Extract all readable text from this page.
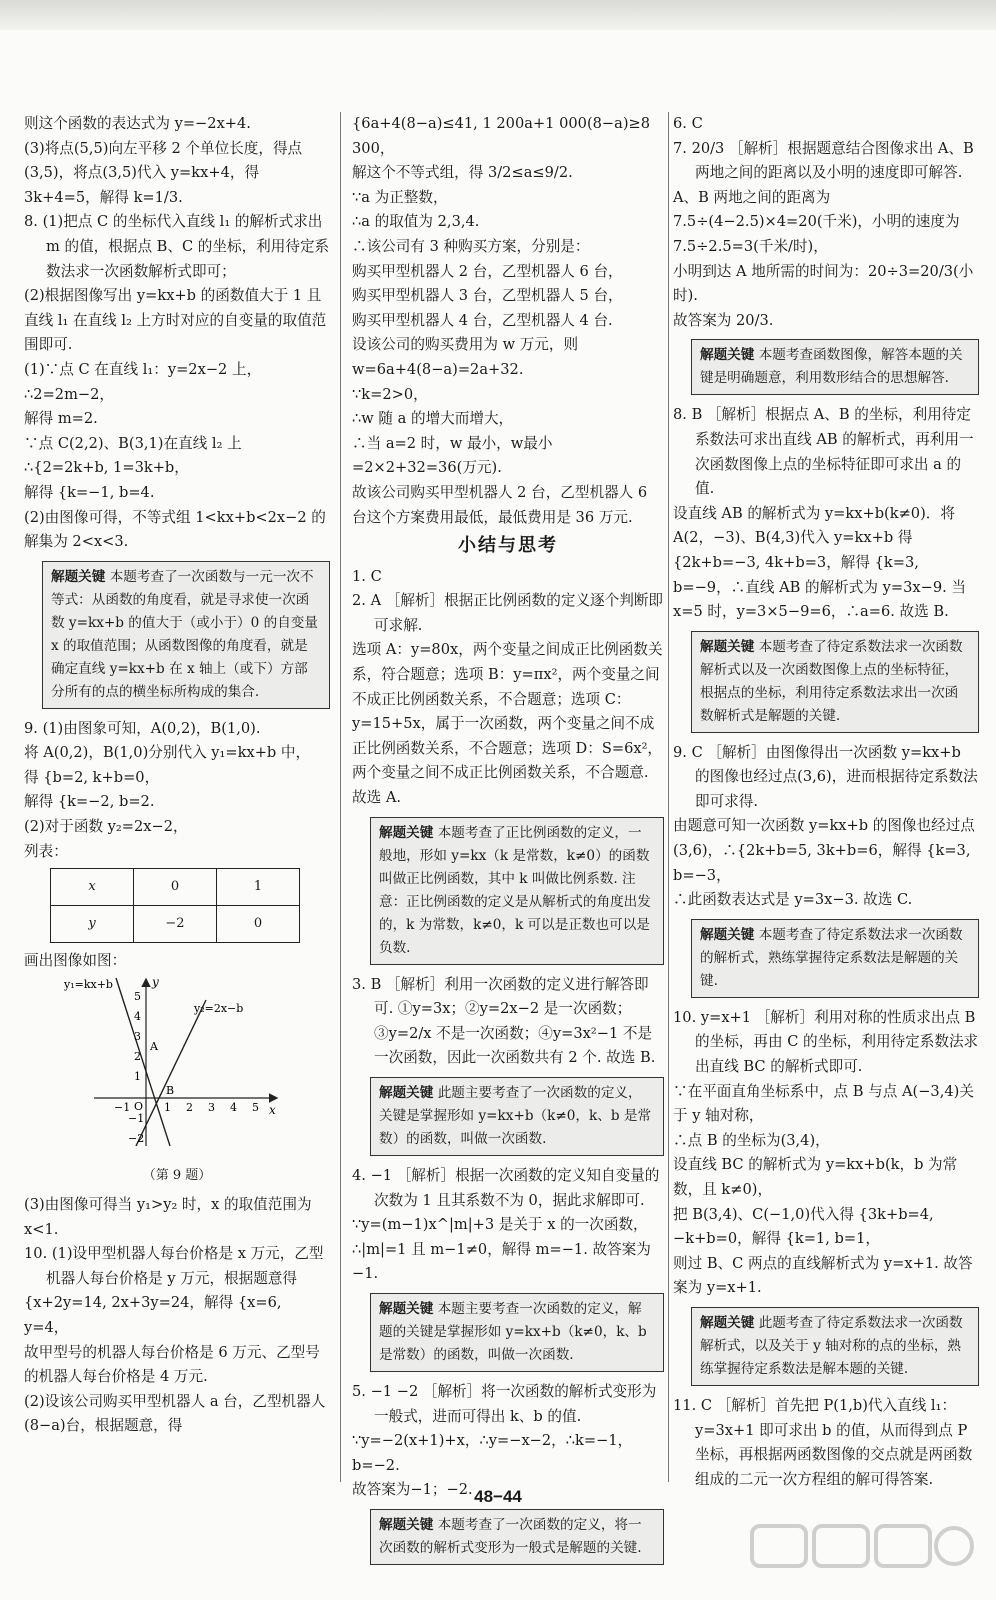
则这个函数的表达式为 y=−2x+4.

(3)将点(5,5)向左平移 2 个单位长度，得点(3,5)，将点(3,5)代入 y=kx+4，得 3k+4=5，解得 k=1/3.

8. (1)把点 C 的坐标代入直线 l₁ 的解析式求出 m 的值，根据点 B、C 的坐标，利用待定系数法求一次函数解析式即可；

(2)根据图像写出 y=kx+b 的函数值大于 1 且直线 l₁ 在直线 l₂ 上方时对应的自变量的取值范围即可.

(1)∵点 C 在直线 l₁：y=2x−2 上，

∴2=2m−2，

解得 m=2.

∵点 C(2,2)、B(3,1)在直线 l₂ 上

∴{2=2k+b, 1=3k+b，

解得 {k=−1, b=4.

(2)由图像可得，不等式组 1<kx+b<2x−2 的解集为 2<x<3.

解题关键 本题考查了一次函数与一元一次不等式：从函数的角度看，就是寻求使一次函数 y=kx+b 的值大于（或小于）0 的自变量 x 的取值范围；从函数图像的角度看，就是确定直线 y=kx+b 在 x 轴上（或下）方部分所有的点的横坐标所构成的集合.

9. (1)由图象可知，A(0,2)，B(1,0).

将 A(0,2)，B(1,0)分别代入 y₁=kx+b 中，

得 {b=2, k+b=0，

解得 {k=−2, b=2.

(2)对于函数 y₂=2x−2，

列表：

x	0	1
y	−2	0

画出图像如图：

y₁=kx+b
y₂=2x−b
x
y
A
B
O
−1	1 2 3 4 5
−2
−1
1
2
3
4
5
（第 9 题）

(3)由图像可得当 y₁>y₂ 时，x 的取值范围为 x<1.

10. (1)设甲型机器人每台价格是 x 万元，乙型机器人每台价格是 y 万元，根据题意得

{x+2y=14, 2x+3y=24，解得 {x=6, y=4，

故甲型号的机器人每台价格是 6 万元、乙型号的机器人每台价格是 4 万元.

(2)设该公司购买甲型机器人 a 台，乙型机器人(8−a)台，根据题意，得

{6a+4(8−a)≤41, 1 200a+1 000(8−a)≥8 300，

解这个不等式组，得 3/2≤a≤9/2.

∵a 为正整数，

∴a 的取值为 2,3,4.

∴该公司有 3 种购买方案，分别是：

购买甲型机器人 2 台，乙型机器人 6 台，

购买甲型机器人 3 台，乙型机器人 5 台，

购买甲型机器人 4 台，乙型机器人 4 台.

设该公司的购买费用为 w 万元，则 w=6a+4(8−a)=2a+32.

∵k=2>0，

∴w 随 a 的增大而增大，

∴当 a=2 时，w 最小，w最小=2×2+32=36(万元).

故该公司购买甲型机器人 2 台，乙型机器人 6 台这个方案费用最低，最低费用是 36 万元.

小结与思考

1. C

2. A ［解析］根据正比例函数的定义逐个判断即可求解.

选项 A：y=80x，两个变量之间成正比例函数关系，符合题意；选项 B：y=πx²，两个变量之间不成正比例函数关系，不合题意；选项 C：y=15+5x，属于一次函数，两个变量之间不成正比例函数关系，不合题意；选项 D：S=6x²，两个变量之间不成正比例函数关系，不合题意. 故选 A.

解题关键 本题考查了正比例函数的定义，一般地，形如 y=kx（k 是常数，k≠0）的函数叫做正比例函数，其中 k 叫做比例系数. 注意：正比例函数的定义是从解析式的角度出发的，k 为常数，k≠0，k 可以是正数也可以是负数.

3. B ［解析］利用一次函数的定义进行解答即可. ①y=3x；②y=2x−2 是一次函数；③y=2/x 不是一次函数；④y=3x²−1 不是一次函数，因此一次函数共有 2 个. 故选 B.

解题关键 此题主要考查了一次函数的定义，关键是掌握形如 y=kx+b（k≠0，k、b 是常数）的函数，叫做一次函数.

4. −1 ［解析］根据一次函数的定义知自变量的次数为 1 且其系数不为 0，据此求解即可.

∵y=(m−1)x^|m|+3 是关于 x 的一次函数，

∴|m|=1 且 m−1≠0，解得 m=−1. 故答案为−1.

解题关键 本题主要考查一次函数的定义，解题的关键是掌握形如 y=kx+b（k≠0，k、b 是常数）的函数，叫做一次函数.

5. −1 −2 ［解析］将一次函数的解析式变形为一般式，进而可得出 k、b 的值.

∵y=−2(x+1)+x，∴y=−x−2，∴k=−1，b=−2.

故答案为−1；−2.

解题关键 本题考查了一次函数的定义，将一次函数的解析式变形为一般式是解题的关键.

6. C

7. 20/3 ［解析］根据题意结合图像求出 A、B 两地之间的距离以及小明的速度即可解答.

A、B 两地之间的距离为 7.5÷(4−2.5)×4=20(千米)，小明的速度为 7.5÷2.5=3(千米/时)，

小明到达 A 地所需的时间为：20÷3=20/3(小时).

故答案为 20/3.

解题关键 本题考查函数图像，解答本题的关键是明确题意，利用数形结合的思想解答.

8. B ［解析］根据点 A、B 的坐标，利用待定系数法可求出直线 AB 的解析式，再利用一次函数图像上点的坐标特征即可求出 a 的值.

设直线 AB 的解析式为 y=kx+b(k≠0)．将 A(2，−3)、B(4,3)代入 y=kx+b 得 {2k+b=−3, 4k+b=3，解得 {k=3, b=−9，∴直线 AB 的解析式为 y=3x−9. 当 x=5 时，y=3×5−9=6，∴a=6. 故选 B.

解题关键 本题考查了待定系数法求一次函数解析式以及一次函数图像上点的坐标特征，根据点的坐标，利用待定系数法求出一次函数解析式是解题的关键.

9. C ［解析］由图像得出一次函数 y=kx+b 的图像也经过点(3,6)，进而根据待定系数法即可求得.

由题意可知一次函数 y=kx+b 的图像也经过点(3,6)，∴{2k+b=5, 3k+b=6，解得 {k=3, b=−3，

∴此函数表达式是 y=3x−3. 故选 C.

解题关键 本题考查了待定系数法求一次函数的解析式，熟练掌握待定系数法是解题的关键.

10. y=x+1 ［解析］利用对称的性质求出点 B 的坐标，再由 C 的坐标，利用待定系数法求出直线 BC 的解析式即可.

∵在平面直角坐标系中，点 B 与点 A(−3,4)关于 y 轴对称，

∴点 B 的坐标为(3,4)，

设直线 BC 的解析式为 y=kx+b(k，b 为常数，且 k≠0)，

把 B(3,4)、C(−1,0)代入得 {3k+b=4, −k+b=0，解得 {k=1, b=1，

则过 B、C 两点的直线解析式为 y=x+1. 故答案为 y=x+1.

解题关键 此题考查了待定系数法求一次函数解析式，以及关于 y 轴对称的点的坐标，熟练掌握待定系数法是解本题的关键.

11. C ［解析］首先把 P(1,b)代入直线 l₁：y=3x+1 即可求出 b 的值，从而得到点 P 坐标，再根据两函数图像的交点就是两函数组成的二元一次方程组的解可得答案.

48−44
